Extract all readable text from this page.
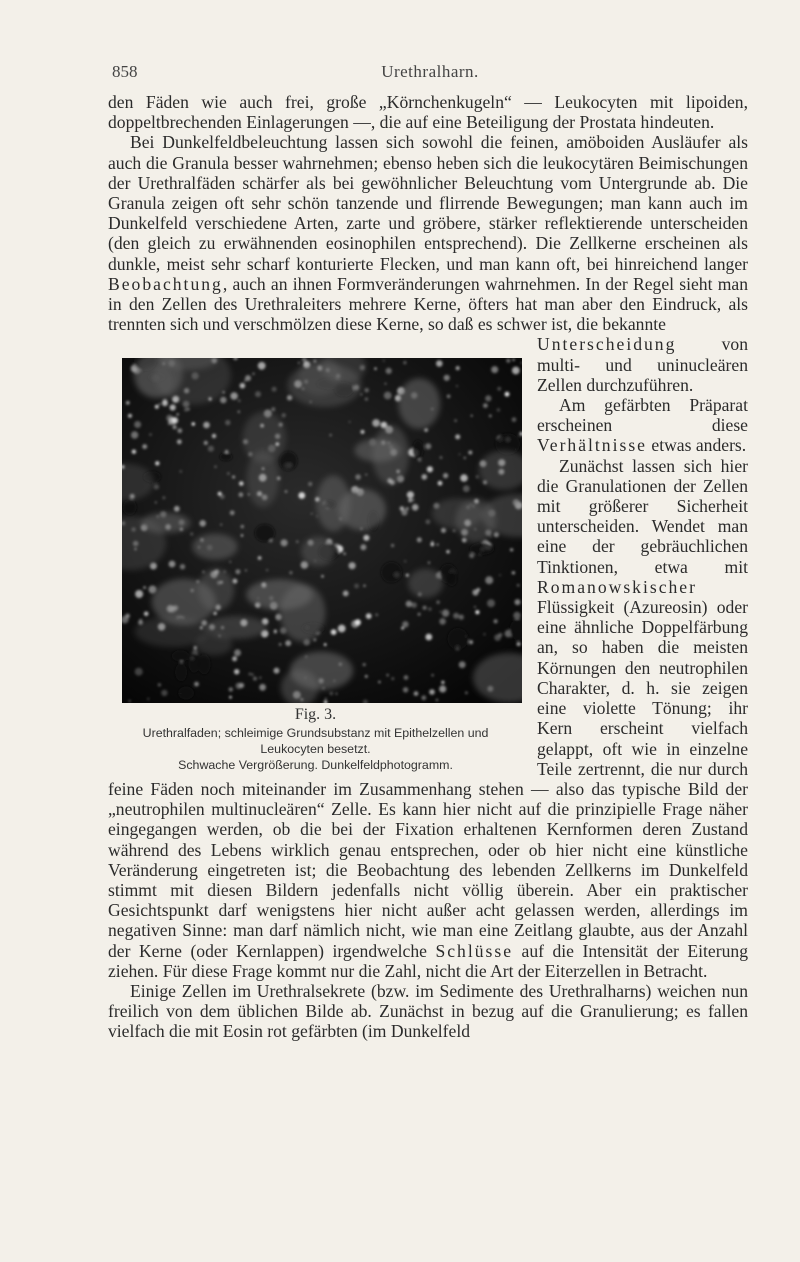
858	Urethralharn.

den Fäden wie auch frei, große „Körnchenkugeln“ — Leukocyten mit lipoiden, doppeltbrechenden Einlagerungen —, die auf eine Beteiligung der Prostata hindeuten.

Bei Dunkelfeldbeleuchtung lassen sich sowohl die feinen, amöboiden Ausläufer als auch die Granula besser wahrnehmen; ebenso heben sich die leukocytären Beimischungen der Urethralfäden schärfer als bei gewöhnlicher Beleuchtung vom Untergrunde ab. Die Granula zeigen oft sehr schön tanzende und flirrende Bewegungen; man kann auch im Dunkelfeld verschiedene Arten, zarte und gröbere, stärker reflektierende unterscheiden (den gleich zu erwähnenden eosinophilen entsprechend). Die Zellkerne erscheinen als dunkle, meist sehr scharf konturierte Flecken, und man kann oft, bei hinreichend langer Beobachtung, auch an ihnen Formveränderungen wahrnehmen. In der Regel sieht man in den Zellen des Urethraleiters mehrere Kerne, öfters hat man aber den Eindruck, als trennten sich und verschmölzen diese Kerne, so daß es schwer ist, die bekannte

Fig. 3.
Urethralfaden; schleimige Grundsubstanz mit Epithelzellen und
Leukocyten besetzt.
Schwache Vergrößerung. Dunkelfeldphotogramm.

Unterscheidung von multi- und uninucleären Zellen durchzuführen.

Am gefärbten Präparat erscheinen diese Verhältnisse etwas anders.

Zunächst lassen sich hier die Granulationen der Zellen mit größerer Sicherheit unterscheiden. Wendet man eine der gebräuchlichen Tinktionen, etwa mit Romanowskischer Flüssigkeit (Azureosin) oder eine ähnliche Doppelfärbung an, so haben die meisten Körnungen den neutrophilen Charakter, d. h. sie zeigen eine violette Tönung; ihr Kern erscheint vielfach gelappt, oft wie in einzelne Teile zertrennt, die nur durch feine Fäden noch miteinander im Zusammenhang stehen — also das typische Bild der „neutrophilen multinucleären“ Zelle. Es kann hier nicht auf die prinzipielle Frage näher eingegangen werden, ob die bei der Fixation erhaltenen Kernformen deren Zustand während des Lebens wirklich genau entsprechen, oder ob hier nicht eine künstliche Veränderung eingetreten ist; die Beobachtung des lebenden Zellkerns im Dunkelfeld stimmt mit diesen Bildern jedenfalls nicht völlig überein. Aber ein praktischer Gesichtspunkt darf wenigstens hier nicht außer acht gelassen werden, allerdings im negativen Sinne: man darf nämlich nicht, wie man eine Zeitlang glaubte, aus der Anzahl der Kerne (oder Kernlappen) irgendwelche Schlüsse auf die Intensität der Eiterung ziehen. Für diese Frage kommt nur die Zahl, nicht die Art der Eiterzellen in Betracht.

Einige Zellen im Urethralsekrete (bzw. im Sedimente des Urethralharns) weichen nun freilich von dem üblichen Bilde ab. Zunächst in bezug auf die Granulierung; es fallen vielfach die mit Eosin rot gefärbten (im Dunkelfeld
